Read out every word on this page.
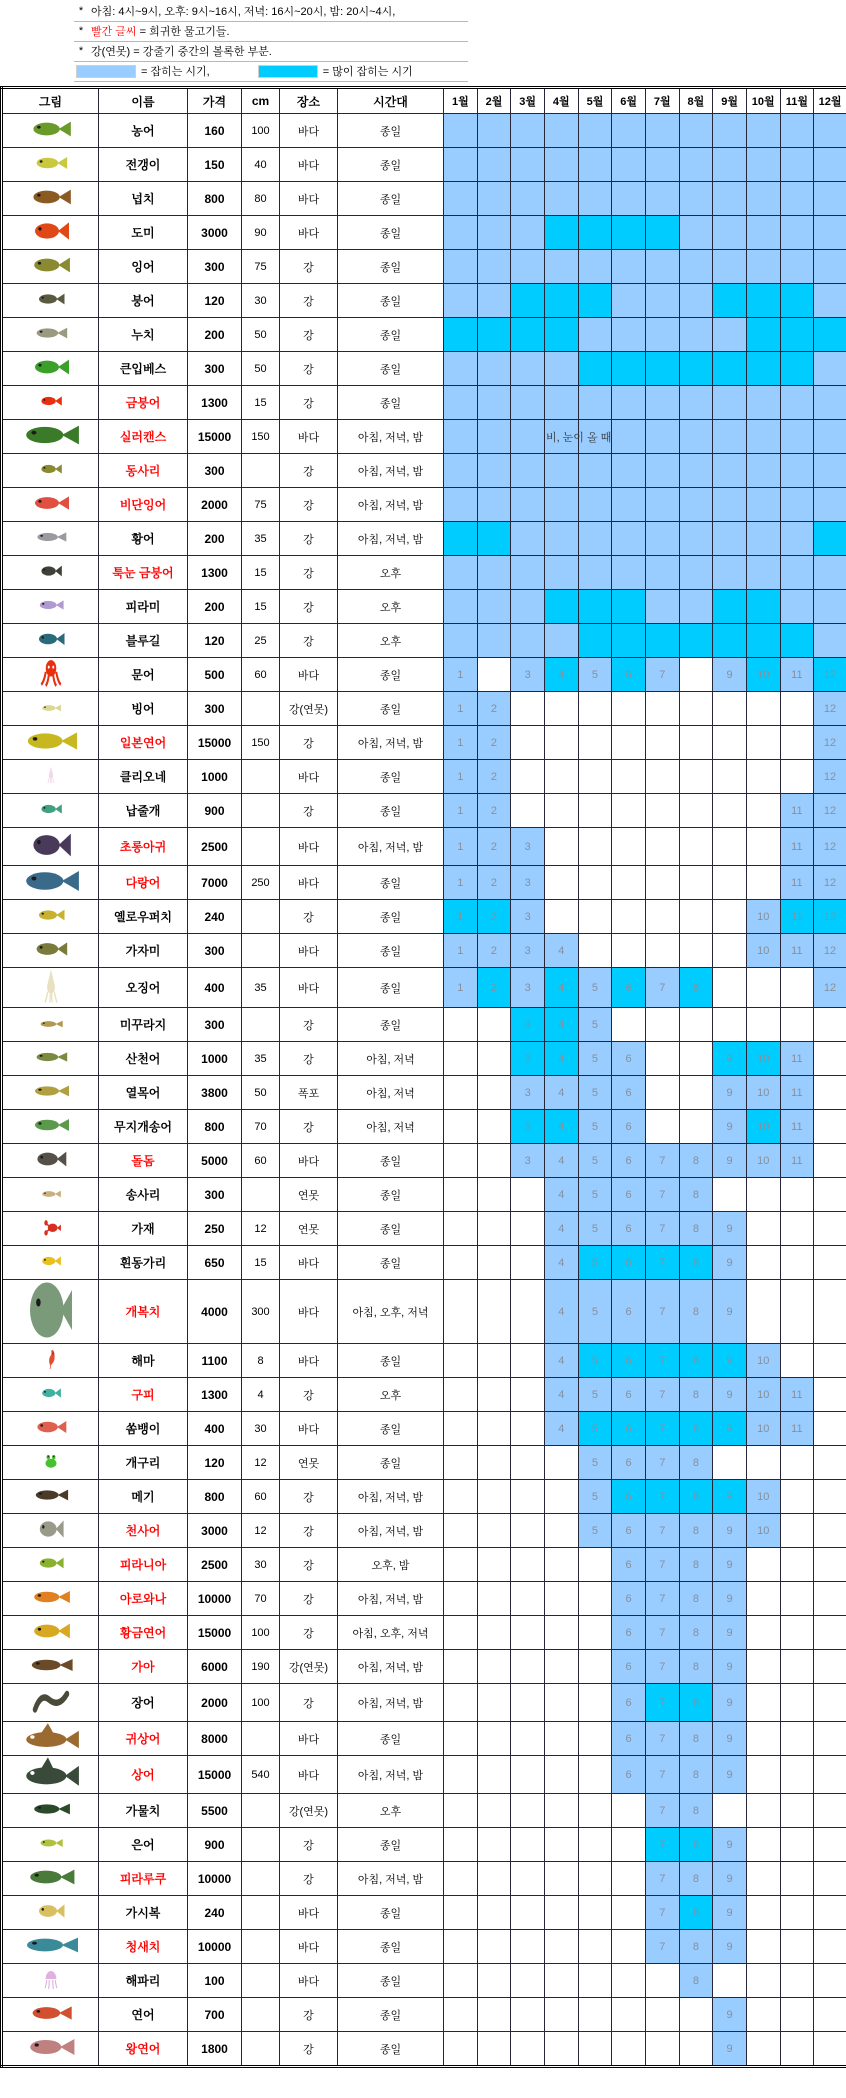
* 아침: 4시~9시, 오후: 9시~16시, 저녁: 16시~20시, 밤: 20시~4시,
* 빨간 글씨 = 희귀한 물고기들.
* 강(연못) = 강줄기 중간의 볼록한 부분.
= 잡히는 시기,	= 많이 잡히는 시기
그림	이름	가격	cm	장소	시간대	1월	2월	3월	4월	5월	6월	7월	8월	9월	10월	11월	12월
	농어	160	100	바다	종일												
	전갱이	150	40	바다	종일												
	넙치	800	80	바다	종일												
	도미	3000	90	바다	종일												
	잉어	300	75	강	종일												
	붕어	120	30	강	종일												
	누치	200	50	강	종일												
	큰입베스	300	50	강	종일												
	금붕어	1300	15	강	종일												
	실러캔스	15000	150	바다	아침, 저녁, 밤					비, 눈이 올 때							

	동사리	300		강	아침, 저녁, 밤												
	비단잉어	2000	75	강	아침, 저녁, 밤												
	황어	200	35	강	아침, 저녁, 밤												
	툭눈 금붕어	1300	15	강	오후												
	피라미	200	15	강	오후												
	블루길	120	25	강	오후												
	문어	500	60	바다	종일	1		3	4	5	6	7		9	10	11	12
	빙어	300		강(연못)	종일	1	2										12
	일본연어	15000	150	강	아침, 저녁, 밤	1	2										12
	클리오네	1000		바다	종일	1	2										12
	납줄개	900		강	종일	1	2									11	12
	초롱아귀	2500		바다	아침, 저녁, 밤	1	2	3								11	12
	다랑어	7000	250	바다	종일	1	2	3								11	12
	옐로우퍼치	240		강	종일	1	2	3							10	11	12
	가자미	300		바다	종일	1	2	3	4						10	11	12
	오징어	400	35	바다	종일	1	2	3	4	5	6	7	8				12
	미꾸라지	300		강	종일			3	4	5							
	산천어	1000	35	강	아침, 저녁			3	4	5	6			9	10	11	
	열목어	3800	50	폭포	아침, 저녁			3	4	5	6			9	10	11	
	무지개송어	800	70	강	아침, 저녁			3	4	5	6			9	10	11	
	돌돔	5000	60	바다	종일			3	4	5	6	7	8	9	10	11	
	송사리	300		연못	종일				4	5	6	7	8				
	가재	250	12	연못	종일				4	5	6	7	8	9			
	흰동가리	650	15	바다	종일				4	5	6	7	8	9			
	개복치	4000	300	바다	아침, 오후, 저녁				4	5	6	7	8	9			
	해마	1100	8	바다	종일				4	5	6	7	8	9	10		
	구피	1300	4	강	오후				4	5	6	7	8	9	10	11	
	쏨뱅이	400	30	바다	종일				4	5	6	7	8	9	10	11	
	개구리	120	12	연못	종일					5	6	7	8				
	메기	800	60	강	아침, 저녁, 밤					5	6	7	8	9	10		
	천사어	3000	12	강	아침, 저녁, 밤					5	6	7	8	9	10		
	피라니아	2500	30	강	오후, 밤						6	7	8	9			
	아로와나	10000	70	강	아침, 저녁, 밤						6	7	8	9			
	황금연어	15000	100	강	아침, 오후, 저녁						6	7	8	9			
	가아	6000	190	강(연못)	아침, 저녁, 밤						6	7	8	9			
	장어	2000	100	강	아침, 저녁, 밤						6	7	8	9			
	귀상어	8000		바다	종일						6	7	8	9			
	상어	15000	540	바다	아침, 저녁, 밤						6	7	8	9			
	가물치	5500		강(연못)	오후							7	8				
	은어	900		강	종일							7	8	9			
	피라루쿠	10000		강	아침, 저녁, 밤							7	8	9			
	가시복	240		바다	종일							7	8	9			
	청새치	10000		바다	종일							7	8	9			
	해파리	100		바다	종일								8				
	연어	700		강	종일									9			
	왕연어	1800		강	종일									9			
